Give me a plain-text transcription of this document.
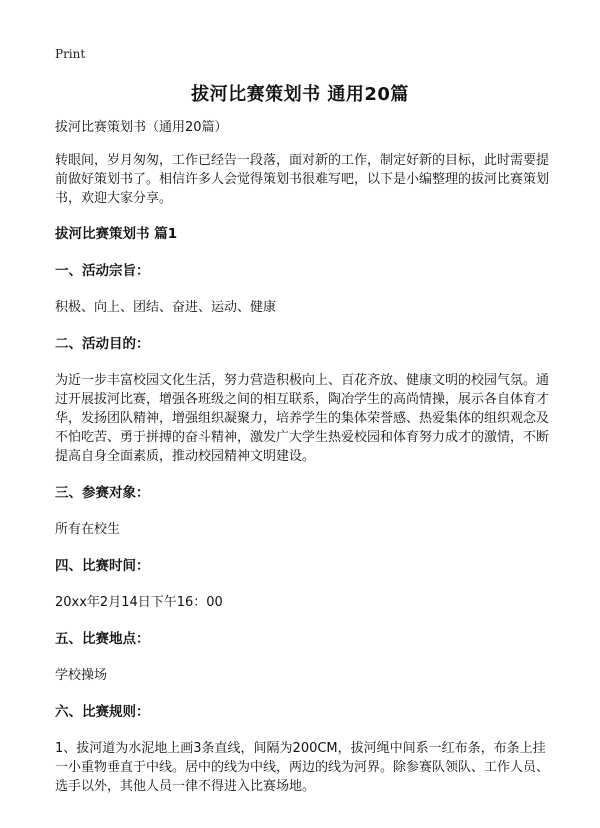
Print
拔河比赛策划书 通用20篇

拔河比赛策划书（通用20篇）

转眼间，岁月匆匆，工作已经告一段落，面对新的工作，制定好新的目标，此时需要提前做好策划书了。相信许多人会觉得策划书很难写吧，以下是小编整理的拔河比赛策划书，欢迎大家分享。

拔河比赛策划书 篇1

一、活动宗旨：

积极、向上、团结、奋进、运动、健康

二、活动目的：

为近一步丰富校园文化生活，努力营造积极向上、百花齐放、健康文明的校园气氛。通过开展拔河比赛，增强各班级之间的相互联系，陶冶学生的高尚情操，展示各自体育才华，发扬团队精神，增强组织凝聚力，培养学生的集体荣誉感、热爱集体的组织观念及不怕吃苦、勇于拼搏的奋斗精神，激发广大学生热爱校园和体育努力成才的激情，不断提高自身全面素质，推动校园精神文明建设。

三、参赛对象：

所有在校生

四、比赛时间：

20xx年2月14日下午16：00

五、比赛地点：

学校操场

六、比赛规则：

1、拔河道为水泥地上画3条直线，间隔为200CM，拔河绳中间系一红布条，布条上挂一小重物垂直于中线。居中的线为中线，两边的线为河界。除参赛队领队、工作人员、选手以外，其他人员一律不得进入比赛场地。
